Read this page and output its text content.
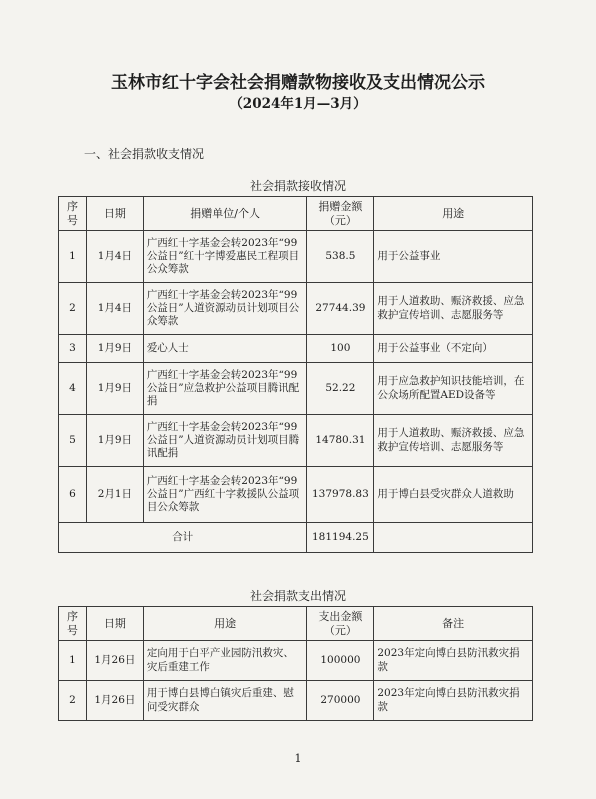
玉林市红十字会社会捐赠款物接收及支出情况公示
（2024年1月—3月）
一、社会捐款收支情况
社会捐款接收情况
序号	日期	捐赠单位/个人	捐赠金额（元）	用途
1	1月4日	广西红十字基金会转2023年“99公益日”红十字博爱惠民工程项目公众筹款	538.5	用于公益事业
2	1月4日	广西红十字基金会转2023年“99公益日”人道资源动员计划项目公众筹款	27744.39	用于人道救助、赈济救援、应急救护宣传培训、志愿服务等
3	1月9日	爱心人士	100	用于公益事业（不定向）
4	1月9日	广西红十字基金会转2023年“99公益日”应急救护公益项目腾讯配捐	52.22	用于应急救护知识技能培训，在公众场所配置AED设备等
5	1月9日	广西红十字基金会转2023年“99公益日”人道资源动员计划项目腾讯配捐	14780.31	用于人道救助、赈济救援、应急救护宣传培训、志愿服务等
6	2月1日	广西红十字基金会转2023年“99公益日”广西红十字救援队公益项目公众筹款	137978.83	用于博白县受灾群众人道救助
合计			181194.25	
社会捐款支出情况
序号	日期	用途	支出金额（元）	备注
1	1月26日	定向用于白平产业园防汛救灾、灾后重建工作	100000	2023年定向博白县防汛救灾捐款
2	1月26日	用于博白县博白镇灾后重建、慰问受灾群众	270000	2023年定向博白县防汛救灾捐款
1
